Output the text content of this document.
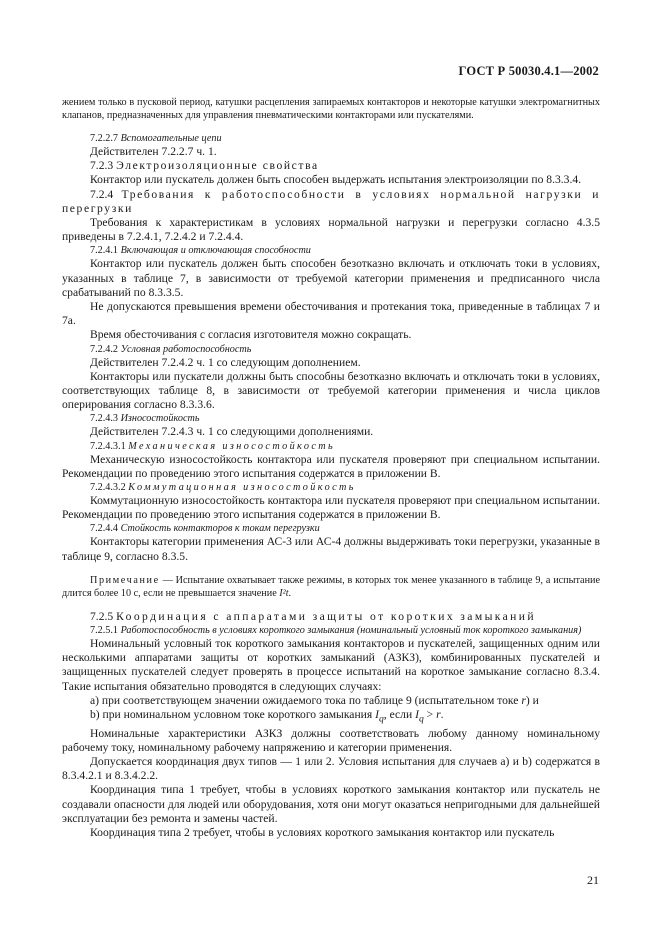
ГОСТ Р 50030.4.1—2002

жением только в пусковой период, катушки расцепления запираемых контакторов и некоторые катушки электромагнитных клапанов, предназначенных для управления пневматическими контакторами или пускателями.

7.2.2.7 Вспомогательные цепи

Действителен 7.2.2.7 ч. 1.

7.2.3 Электроизоляционные свойства

Контактор или пускатель должен быть способен выдержать испытания электроизоляции по 8.3.3.4.

7.2.4 Требования к работоспособности в условиях нормальной нагрузки и перегрузки

Требования к характеристикам в условиях нормальной нагрузки и перегрузки согласно 4.3.5 приведены в 7.2.4.1, 7.2.4.2 и 7.2.4.4.

7.2.4.1 Включающая и отключающая способности

Контактор или пускатель должен быть способен безотказно включать и отключать токи в условиях, указанных в таблице 7, в зависимости от требуемой категории применения и предписанного числа срабатываний по 8.3.3.5.

Не допускаются превышения времени обесточивания и протекания тока, приведенные в таблицах 7 и 7а.

Время обесточивания с согласия изготовителя можно сокращать.

7.2.4.2 Условная работоспособность

Действителен 7.2.4.2 ч. 1 со следующим дополнением.

Контакторы или пускатели должны быть способны безотказно включать и отключать токи в условиях, соответствующих таблице 8, в зависимости от требуемой категории применения и числа циклов оперирования согласно 8.3.3.6.

7.2.4.3 Износостойкость

Действителен 7.2.4.3 ч. 1 со следующими дополнениями.

7.2.4.3.1 Механическая износостойкость

Механическую износостойкость контактора или пускателя проверяют при специальном испытании. Рекомендации по проведению этого испытания содержатся в приложении В.

7.2.4.3.2 Коммутационная износостойкость

Коммутационную износостойкость контактора или пускателя проверяют при специальном испытании. Рекомендации по проведению этого испытания содержатся в приложении В.

7.2.4.4 Стойкость контакторов к токам перегрузки

Контакторы категории применения АС-3 или АС-4 должны выдерживать токи перегрузки, указанные в таблице 9, согласно 8.3.5.

Примечание — Испытание охватывает также режимы, в которых ток менее указанного в таблице 9, а испытание длится более 10 с, если не превышается значение I²t.

7.2.5 Координация с аппаратами защиты от коротких замыканий

7.2.5.1 Работоспособность в условиях короткого замыкания (номинальный условный ток короткого замыкания)

Номинальный условный ток короткого замыкания контакторов и пускателей, защищенных одним или несколькими аппаратами защиты от коротких замыканий (АЗКЗ), комбинированных пускателей и защищенных пускателей следует проверять в процессе испытаний на короткое замыкание согласно 8.3.4. Такие испытания обязательно проводятся в следующих случаях:

а) при соответствующем значении ожидаемого тока по таблице 9 (испытательном токе r) и

b) при номинальном условном токе короткого замыкания $I_q$, если $I_q > r$.

Номинальные характеристики АЗКЗ должны соответствовать любому данному номинальному рабочему току, номинальному рабочему напряжению и категории применения.

Допускается координация двух типов — 1 или 2. Условия испытания для случаев а) и b) содержатся в 8.3.4.2.1 и 8.3.4.2.2.

Координация типа 1 требует, чтобы в условиях короткого замыкания контактор или пускатель не создавали опасности для людей или оборудования, хотя они могут оказаться непригодными для дальнейшей эксплуатации без ремонта и замены частей.

Координация типа 2 требует, чтобы в условиях короткого замыкания контактор или пускатель

21
